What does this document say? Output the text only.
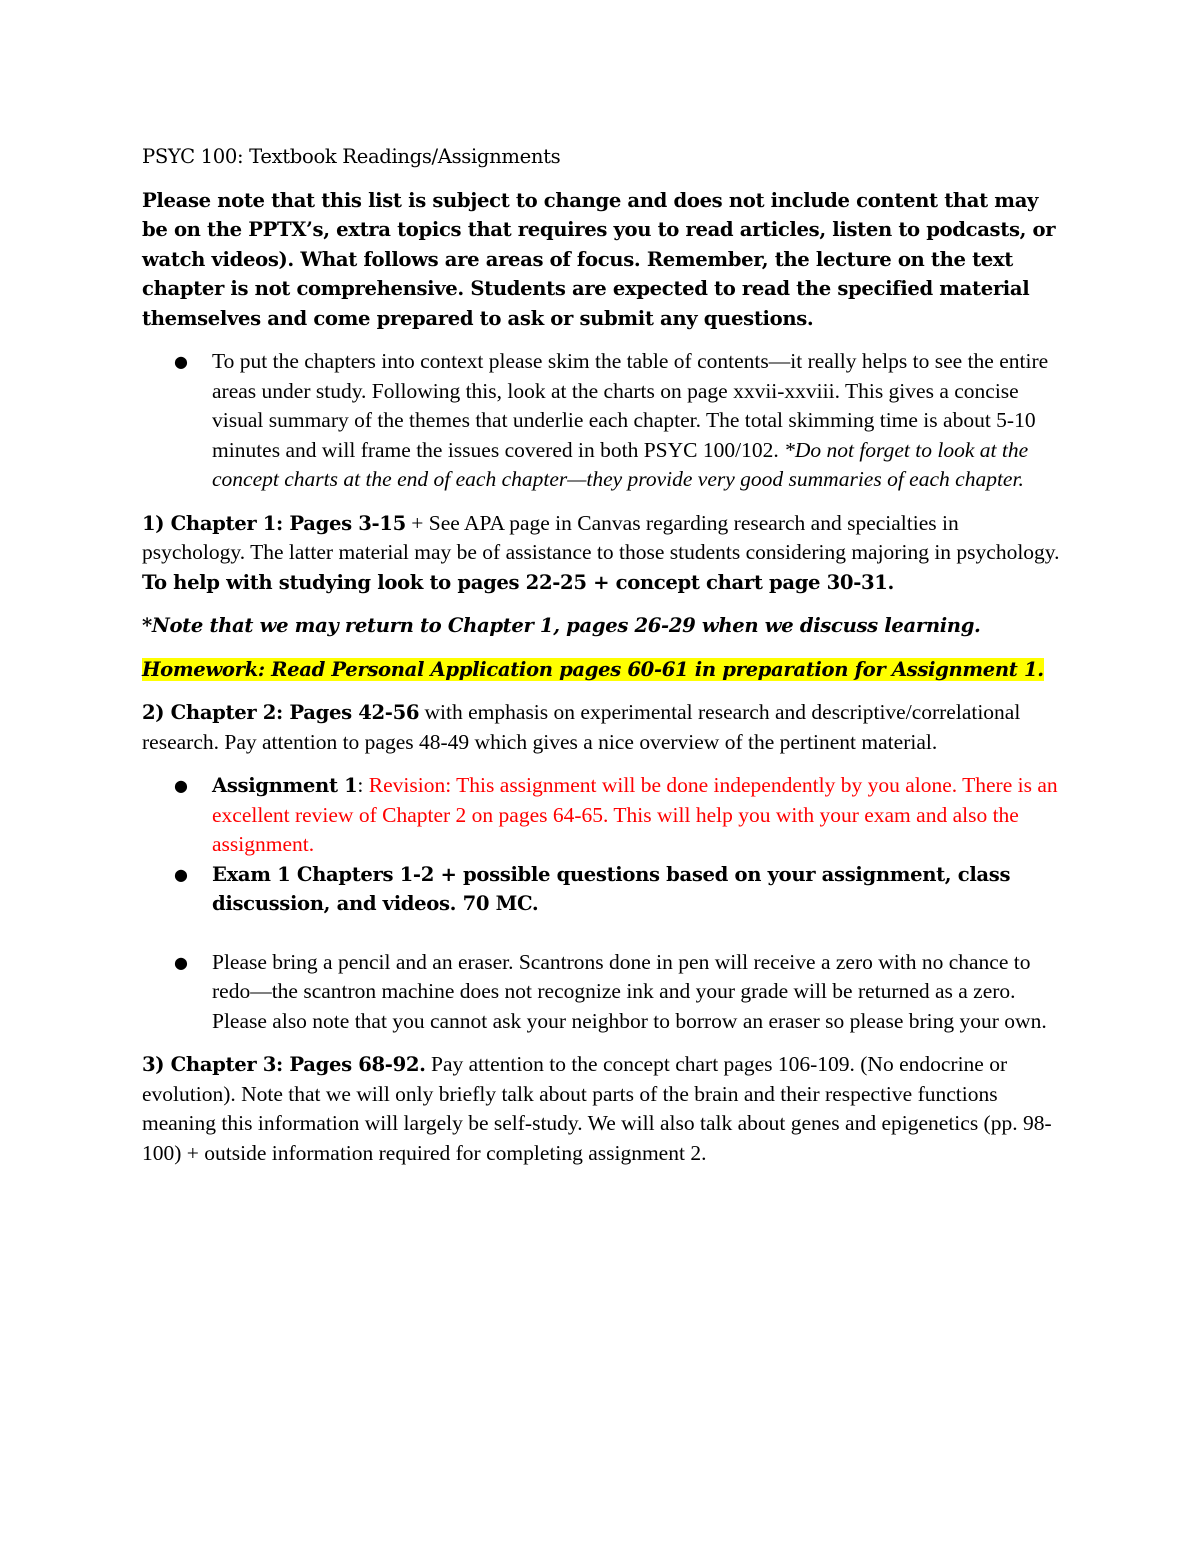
PSYC 100: Textbook Readings/Assignments

Please note that this list is subject to change and does not include content that may be on the PPTX’s, extra topics that requires you to read articles, listen to podcasts, or watch videos). What follows are areas of focus. Remember, the lecture on the text chapter is not comprehensive. Students are expected to read the specified material themselves and come prepared to ask or submit any questions.

● To put the chapters into context please skim the table of contents—it really helps to see the entire areas under study. Following this, look at the charts on page xxvii-xxviii. This gives a concise visual summary of the themes that underlie each chapter. The total skimming time is about 5-10 minutes and will frame the issues covered in both PSYC 100/102. *Do not forget to look at the concept charts at the end of each chapter—they provide very good summaries of each chapter.

1) Chapter 1: Pages 3-15 + See APA page in Canvas regarding research and specialties in psychology. The latter material may be of assistance to those students considering majoring in psychology. To help with studying look to pages 22-25 + concept chart page 30-31.

*Note that we may return to Chapter 1, pages 26-29 when we discuss learning.

Homework: Read Personal Application pages 60-61 in preparation for Assignment 1.

2) Chapter 2: Pages 42-56 with emphasis on experimental research and descriptive/correlational research. Pay attention to pages 48-49 which gives a nice overview of the pertinent material.

● Assignment 1: Revision: This assignment will be done independently by you alone. There is an excellent review of Chapter 2 on pages 64-65. This will help you with your exam and also the assignment.
● Exam 1 Chapters 1-2 + possible questions based on your assignment, class discussion, and videos. 70 MC.
● Please bring a pencil and an eraser. Scantrons done in pen will receive a zero with no chance to redo—the scantron machine does not recognize ink and your grade will be returned as a zero. Please also note that you cannot ask your neighbor to borrow an eraser so please bring your own.

3) Chapter 3: Pages 68-92. Pay attention to the concept chart pages 106-109. (No endocrine or evolution). Note that we will only briefly talk about parts of the brain and their respective functions meaning this information will largely be self-study. We will also talk about genes and epigenetics (pp. 98-100) + outside information required for completing assignment 2.
